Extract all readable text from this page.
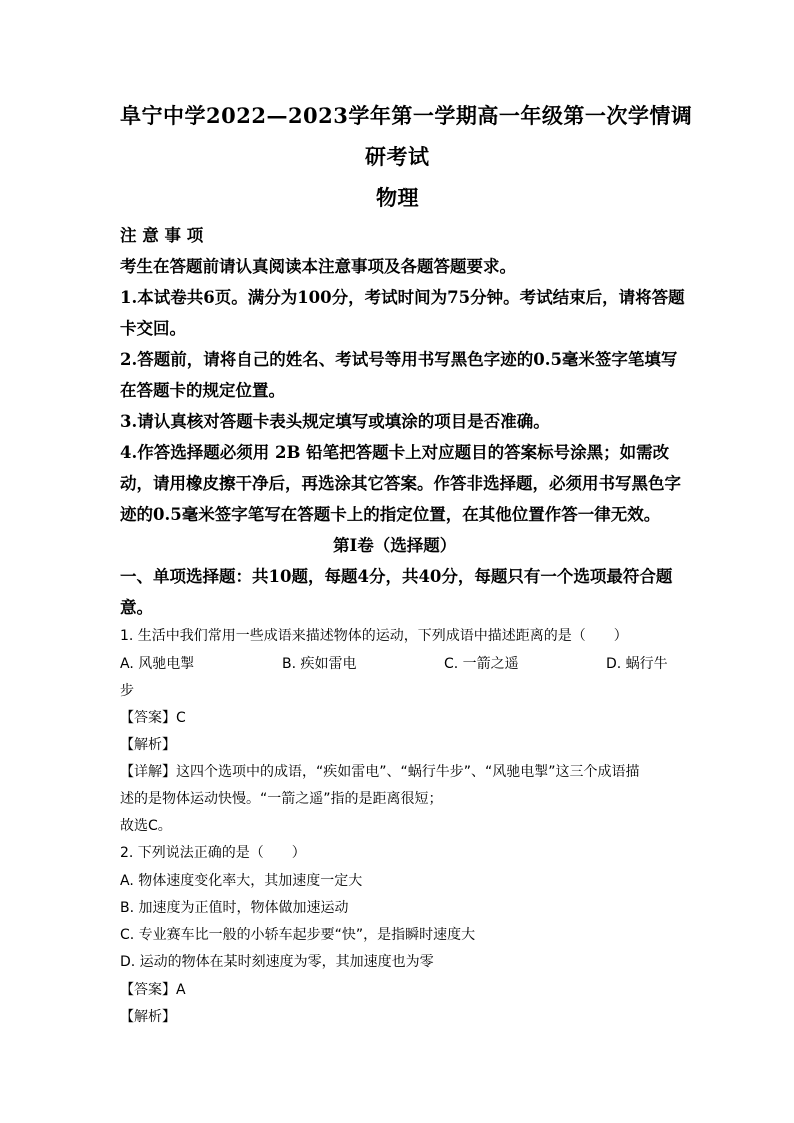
阜宁中学2022—2023学年第一学期高一年级第一次学情调
研考试
物理
注 意 事 项
考生在答题前请认真阅读本注意事项及各题答题要求。
1.本试卷共6页。满分为100分，考试时间为75分钟。考试结束后，请将答题
卡交回。
2.答题前，请将自己的姓名、考试号等用书写黑色字迹的0.5毫米签字笔填写
在答题卡的规定位置。
3.请认真核对答题卡表头规定填写或填涂的项目是否准确。
4.作答选择题必须用 2B 铅笔把答题卡上对应题目的答案标号涂黑；如需改
动，请用橡皮擦干净后，再选涂其它答案。作答非选择题，必须用书写黑色字
迹的0.5毫米签字笔写在答题卡上的指定位置，在其他位置作答一律无效。
第I卷（选择题）
一、单项选择题：共10题，每题4分，共40分，每题只有一个选项最符合题
意。
1. 生活中我们常用一些成语来描述物体的运动，下列成语中描述距离的是（　　）
A. 风驰电掣	B. 疾如雷电	C. 一箭之遥	D. 蜗行牛
步
【答案】C
【解析】
【详解】这四个选项中的成语，“疾如雷电”、“蜗行牛步”、“风驰电掣”这三个成语描
述的是物体运动快慢。“一箭之遥”指的是距离很短；
故选C。
2. 下列说法正确的是（　　）
A. 物体速度变化率大，其加速度一定大
B. 加速度为正值时，物体做加速运动
C. 专业赛车比一般的小轿车起步要“快”，是指瞬时速度大
D. 运动的物体在某时刻速度为零，其加速度也为零
【答案】A
【解析】
